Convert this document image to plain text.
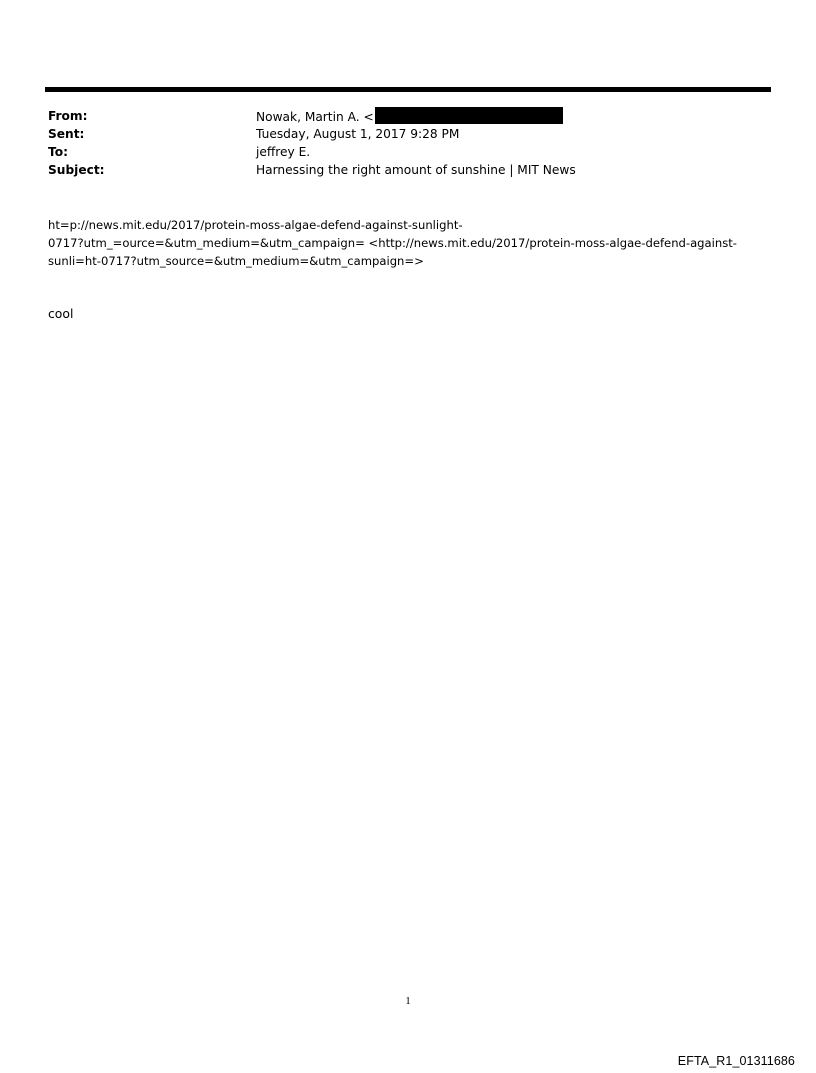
From:	Nowak, Martin A. <
Sent:	Tuesday, August 1, 2017 9:28 PM
To:	jeffrey E.
Subject:	Harnessing the right amount of sunshine | MIT News
ht=p://news.mit.edu/2017/protein-moss-algae-defend-against-sunlight-
0717?utm_=ource=&utm_medium=&utm_campaign= <http://news.mit.edu/2017/protein-moss-algae-defend-against-
sunli=ht-0717?utm_source=&utm_medium=&utm_campaign=>
cool
1
EFTA_R1_01311686
